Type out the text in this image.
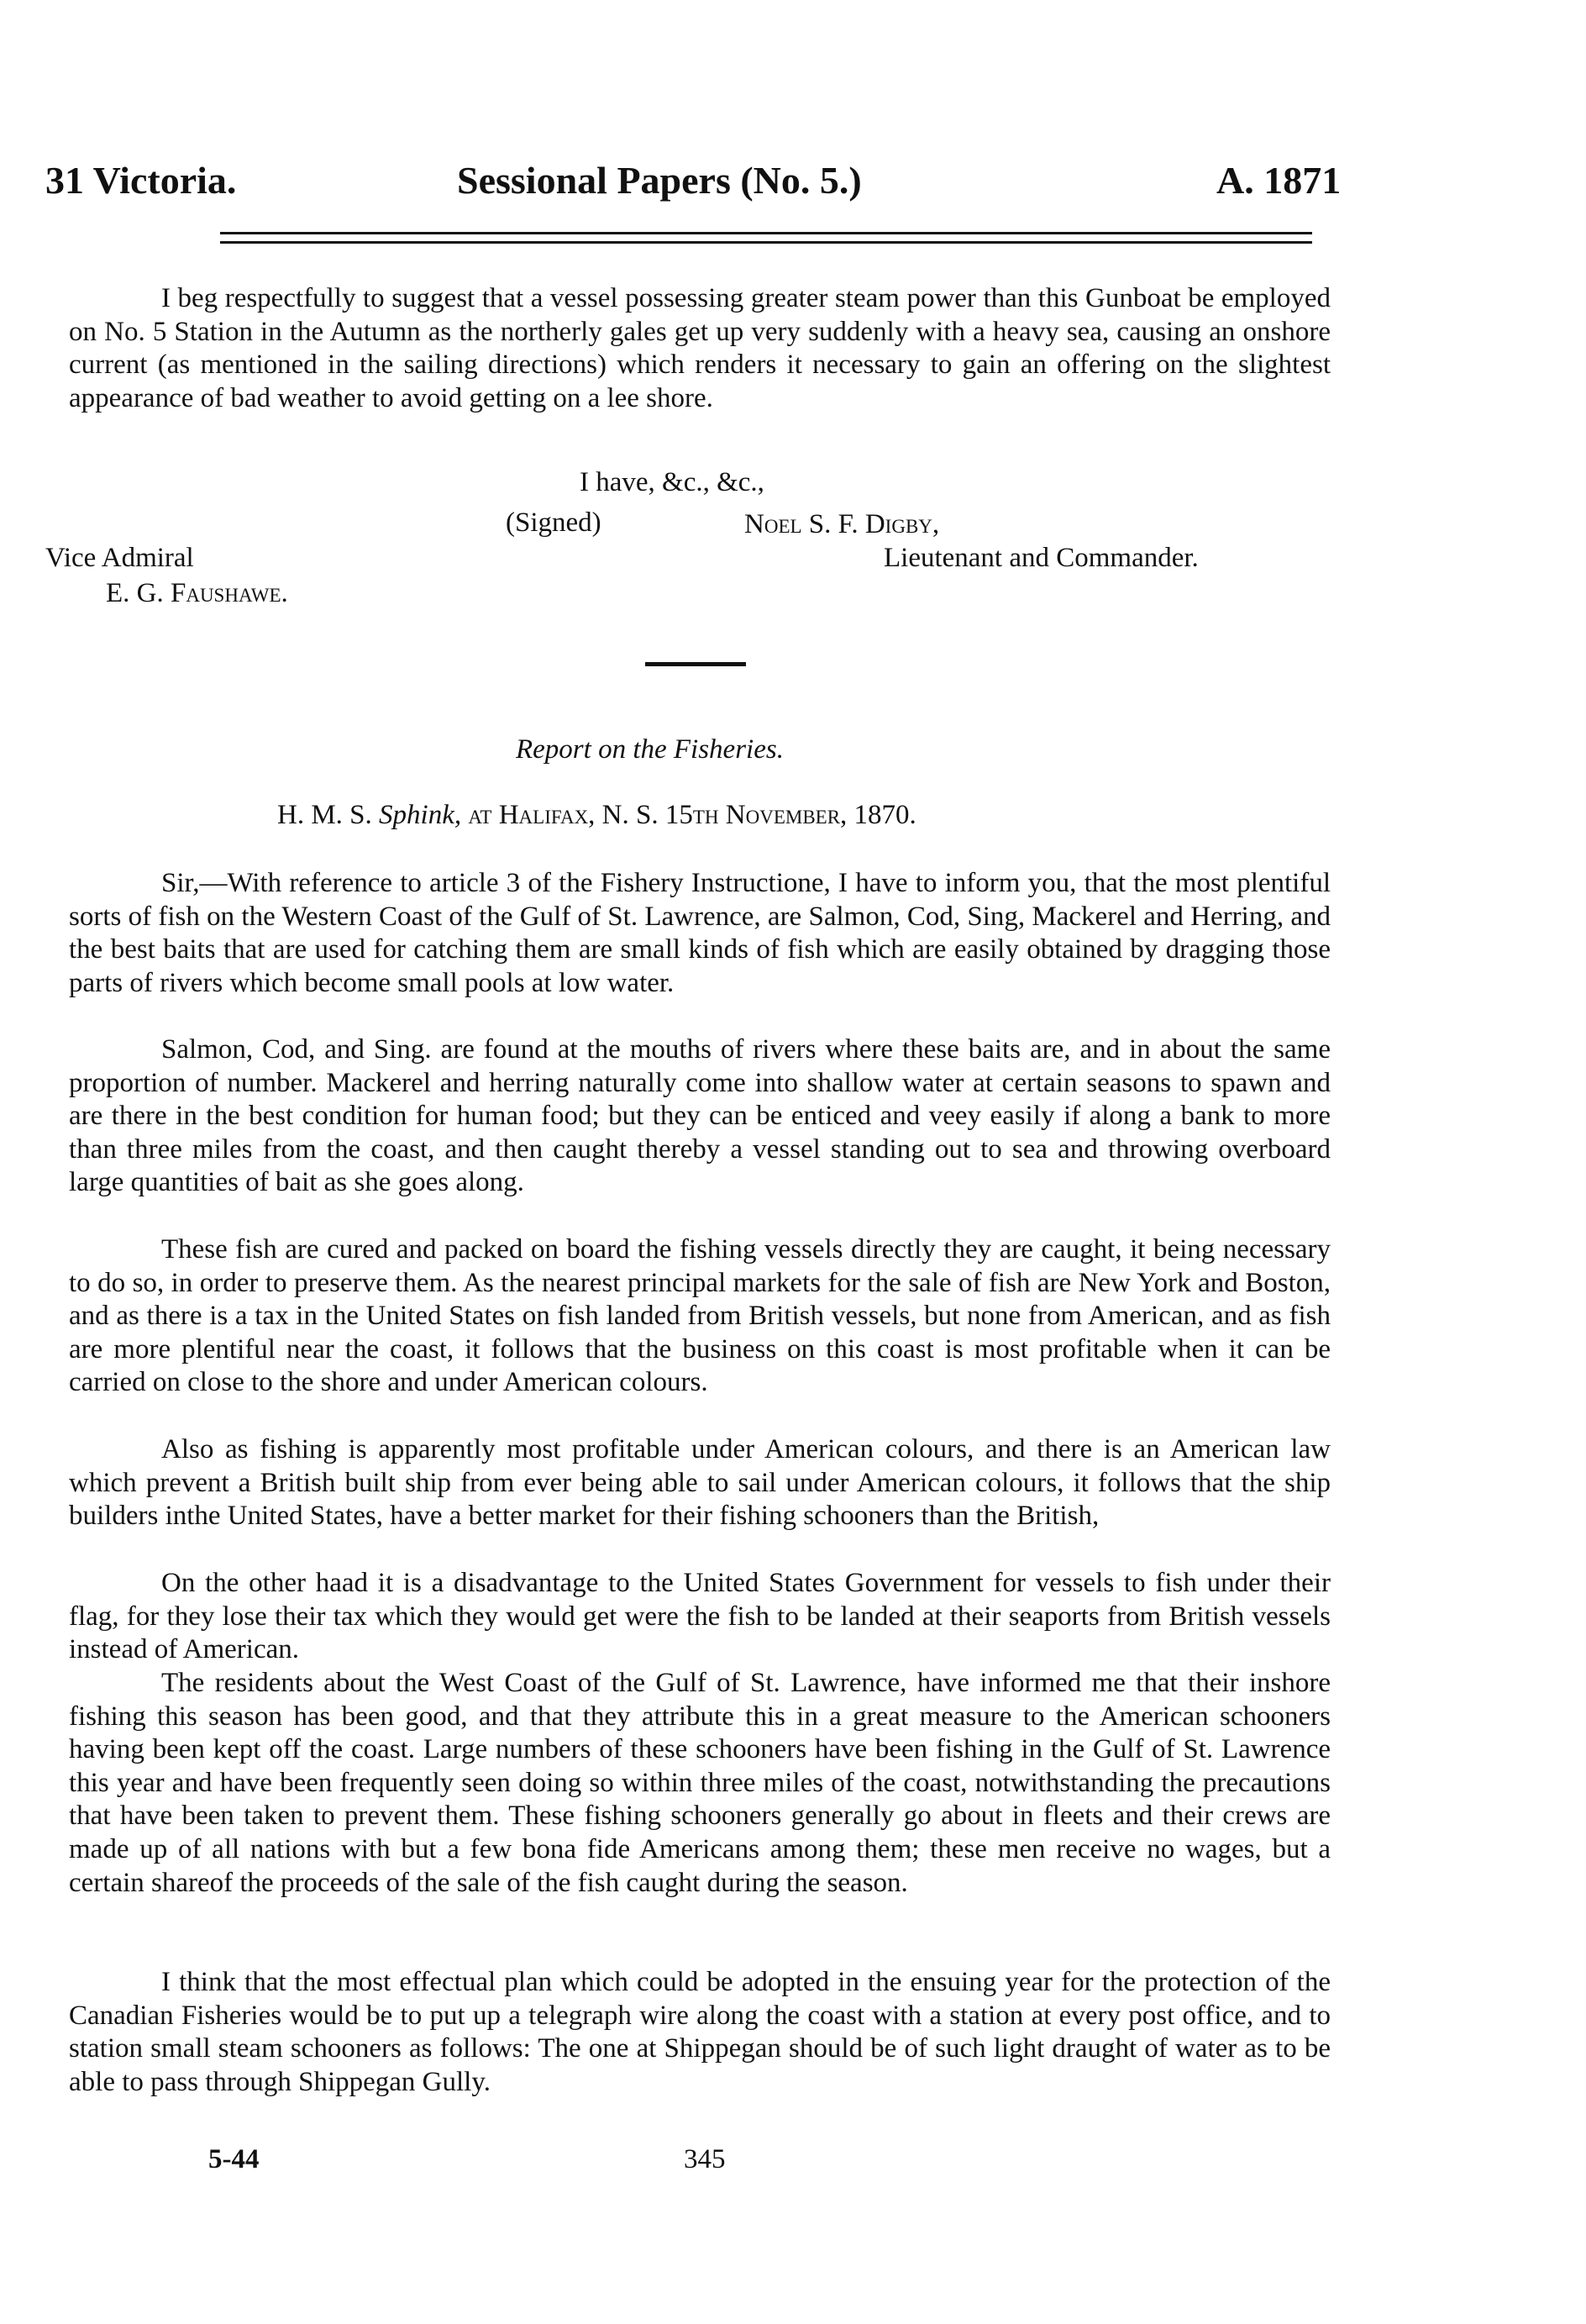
31 Victoria.	Sessional Papers (No. 5.)	A. 1871
I beg respectfully to suggest that a vessel possessing greater steam power than this Gunboat be employed on No. 5 Station in the Autumn as the northerly gales get up very suddenly with a heavy sea, causing an onshore current (as mentioned in the sailing directions) which renders it necessary to gain an offering on the slightest appearance of bad weather to avoid getting on a lee shore.
I have, &c., &c.,
(Signed)	Noel S. F. Digby,
Vice Admiral	Lieutenant and Commander.
E. G. Faushawe.
Report on the Fisheries.
H. M. S. Sphink, at Halifax, N. S. 15th November, 1870.
Sir,—With reference to article 3 of the Fishery Instructione, I have to inform you, that the most plentiful sorts of fish on the Western Coast of the Gulf of St. Lawrence, are Salmon, Cod, Sing, Mackerel and Herring, and the best baits that are used for catching them are small kinds of fish which are easily obtained by dragging those parts of rivers which become small pools at low water.
Salmon, Cod, and Sing. are found at the mouths of rivers where these baits are, and in about the same proportion of number. Mackerel and herring naturally come into shallow water at certain seasons to spawn and are there in the best condition for human food; but they can be enticed and veey easily if along a bank to more than three miles from the coast, and then caught thereby a vessel standing out to sea and throwing overboard large quantities of bait as she goes along.
These fish are cured and packed on board the fishing vessels directly they are caught, it being necessary to do so, in order to preserve them. As the nearest principal markets for the sale of fish are New York and Boston, and as there is a tax in the United States on fish landed from British vessels, but none from American, and as fish are more plentiful near the coast, it follows that the business on this coast is most profitable when it can be carried on close to the shore and under American colours.
Also as fishing is apparently most profitable under American colours, and there is an American law which prevent a British built ship from ever being able to sail under American colours, it follows that the ship builders inthe United States, have a better market for their fishing schooners than the British,
On the other haad it is a disadvantage to the United States Government for vessels to fish under their flag, for they lose their tax which they would get were the fish to be landed at their seaports from British vessels instead of American.
The residents about the West Coast of the Gulf of St. Lawrence, have informed me that their inshore fishing this season has been good, and that they attribute this in a great measure to the American schooners having been kept off the coast. Large numbers of these schooners have been fishing in the Gulf of St. Lawrence this year and have been frequently seen doing so within three miles of the coast, notwithstanding the precautions that have been taken to prevent them. These fishing schooners generally go about in fleets and their crews are made up of all nations with but a few bona fide Americans among them; these men receive no wages, but a certain shareof the proceeds of the sale of the fish caught during the season.
I think that the most effectual plan which could be adopted in the ensuing year for the protection of the Canadian Fisheries would be to put up a telegraph wire along the coast with a station at every post office, and to station small steam schooners as follows: The one at Shippegan should be of such light draught of water as to be able to pass through Shippegan Gully.
5-44	345
